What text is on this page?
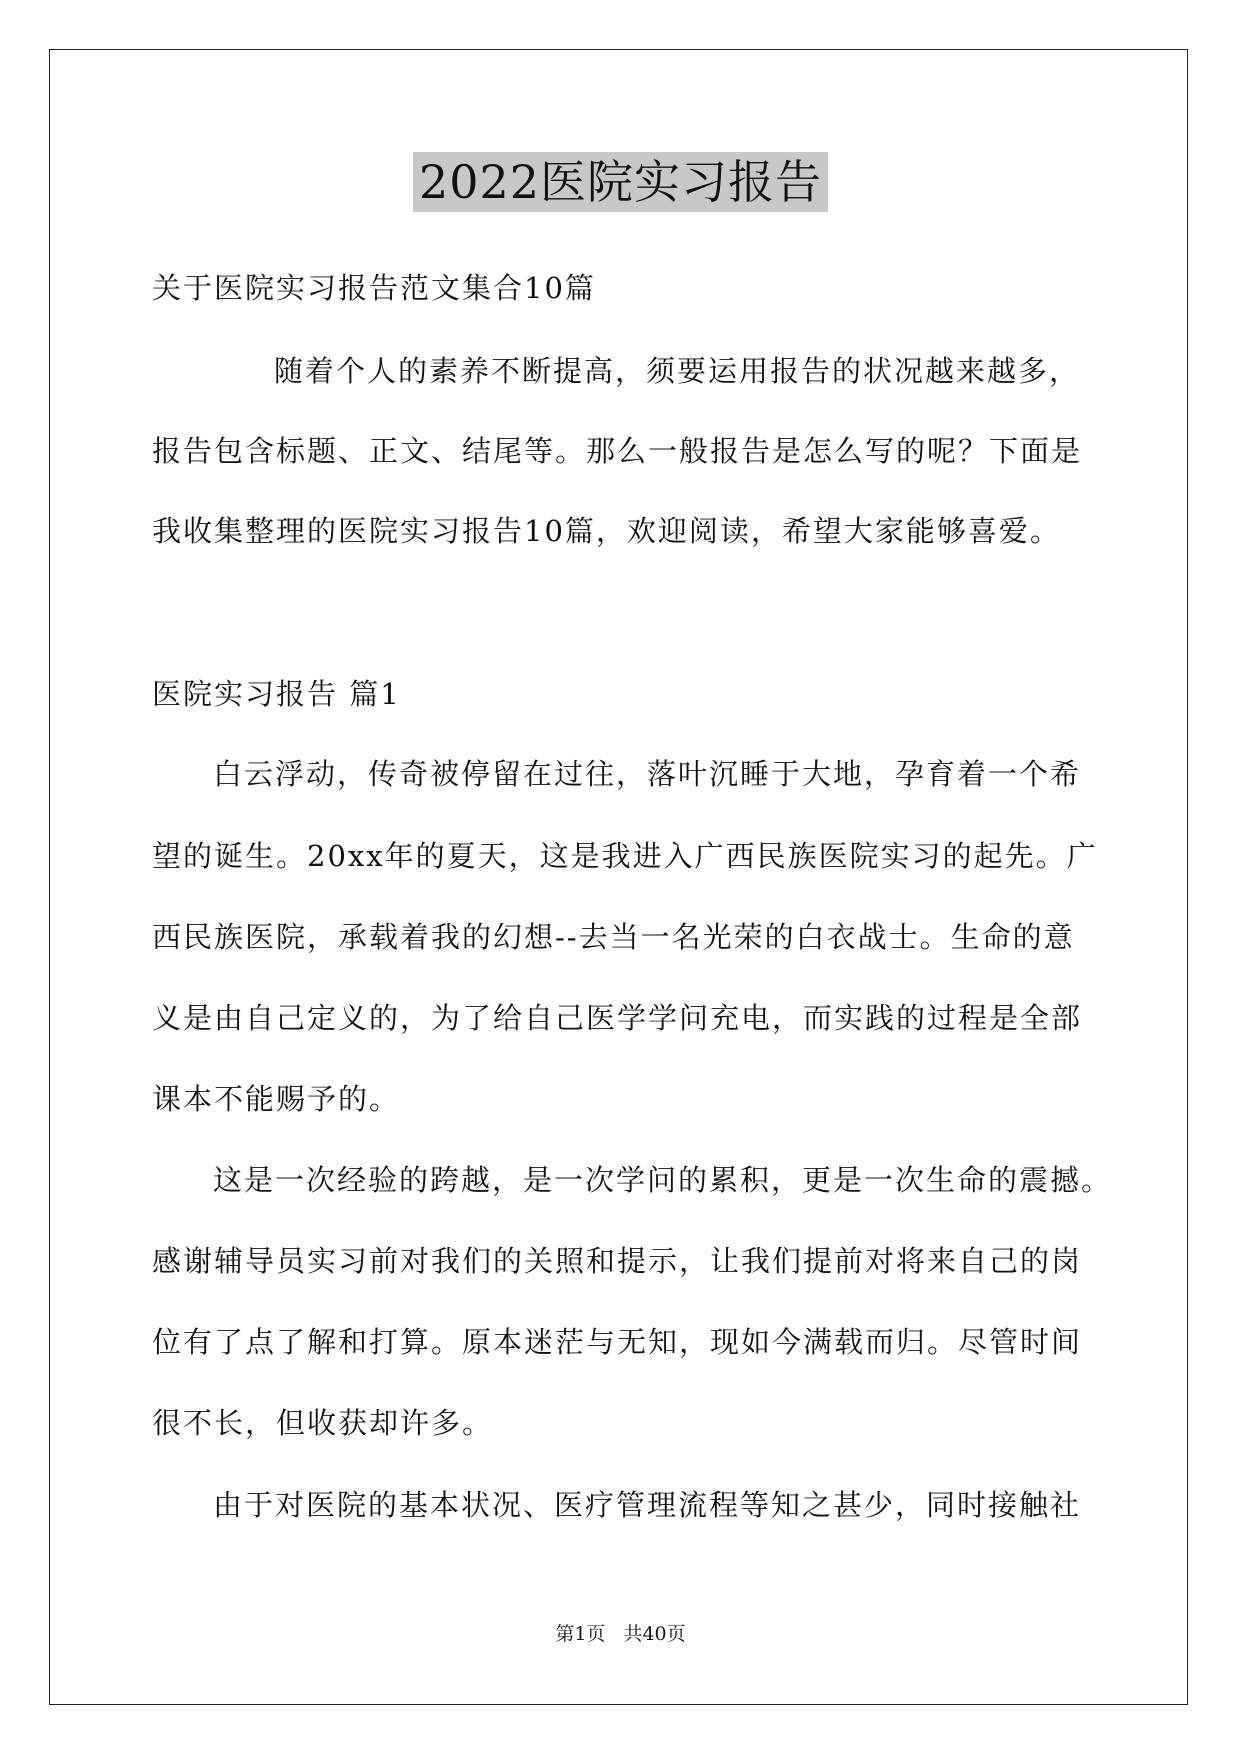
2022医院实习报告
关于医院实习报告范文集合10篇
随着个人的素养不断提高，须要运用报告的状况越来越多，
报告包含标题、正文、结尾等。那么一般报告是怎么写的呢？下面是
我收集整理的医院实习报告10篇，欢迎阅读，希望大家能够喜爱。
医院实习报告 篇1
白云浮动，传奇被停留在过往，落叶沉睡于大地，孕育着一个希
望的诞生。20xx年的夏天，这是我进入广西民族医院实习的起先。广
西民族医院，承载着我的幻想--去当一名光荣的白衣战士。生命的意
义是由自己定义的，为了给自己医学学问充电，而实践的过程是全部
课本不能赐予的。
这是一次经验的跨越，是一次学问的累积，更是一次生命的震撼。
感谢辅导员实习前对我们的关照和提示，让我们提前对将来自己的岗
位有了点了解和打算。原本迷茫与无知，现如今满载而归。尽管时间
很不长，但收获却许多。
由于对医院的基本状况、医疗管理流程等知之甚少，同时接触社
第1页 共40页
